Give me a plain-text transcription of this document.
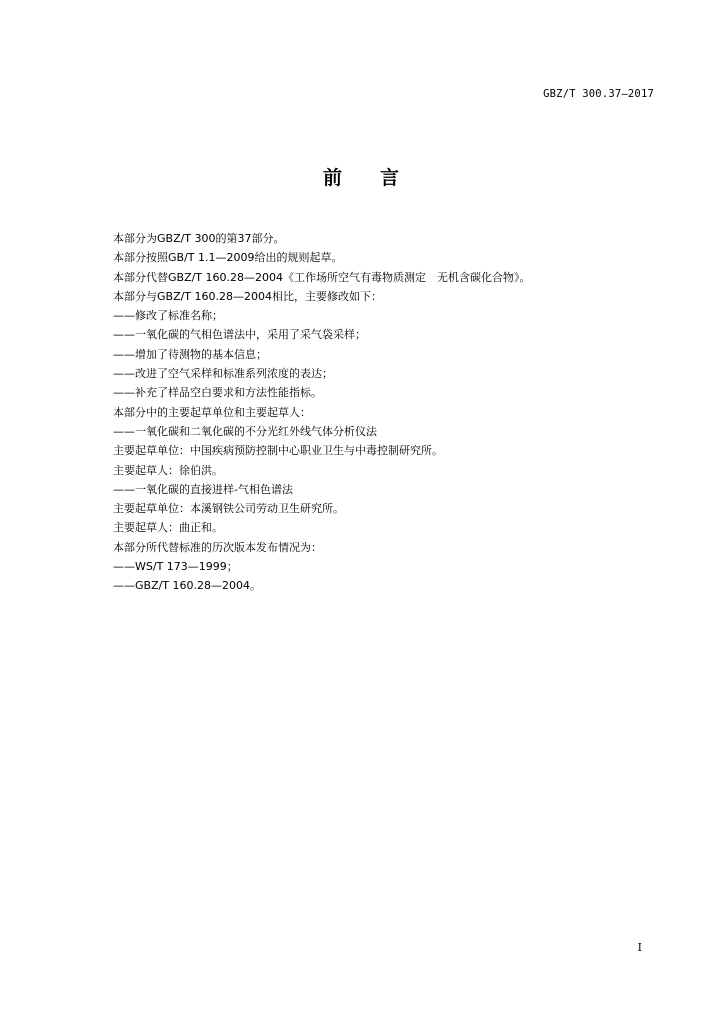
GBZ/T 300.37—2017
前 言
本部分为GBZ/T 300的第37部分。
本部分按照GB/T 1.1—2009给出的规则起草。
本部分代替GBZ/T 160.28—2004《工作场所空气有毒物质测定　无机含碳化合物》。
本部分与GBZ/T 160.28—2004相比，主要修改如下：
——修改了标准名称；
——一氧化碳的气相色谱法中，采用了采气袋采样；
——增加了待测物的基本信息；
——改进了空气采样和标准系列浓度的表达；
——补充了样品空白要求和方法性能指标。
本部分中的主要起草单位和主要起草人：
——一氧化碳和二氧化碳的不分光红外线气体分析仪法
主要起草单位：中国疾病预防控制中心职业卫生与中毒控制研究所。
主要起草人：徐伯洪。
——一氧化碳的直接进样-气相色谱法
主要起草单位：本溪钢铁公司劳动卫生研究所。
主要起草人：曲正和。
本部分所代替标准的历次版本发布情况为：
——WS/T 173—1999；
——GBZ/T 160.28—2004。
I
